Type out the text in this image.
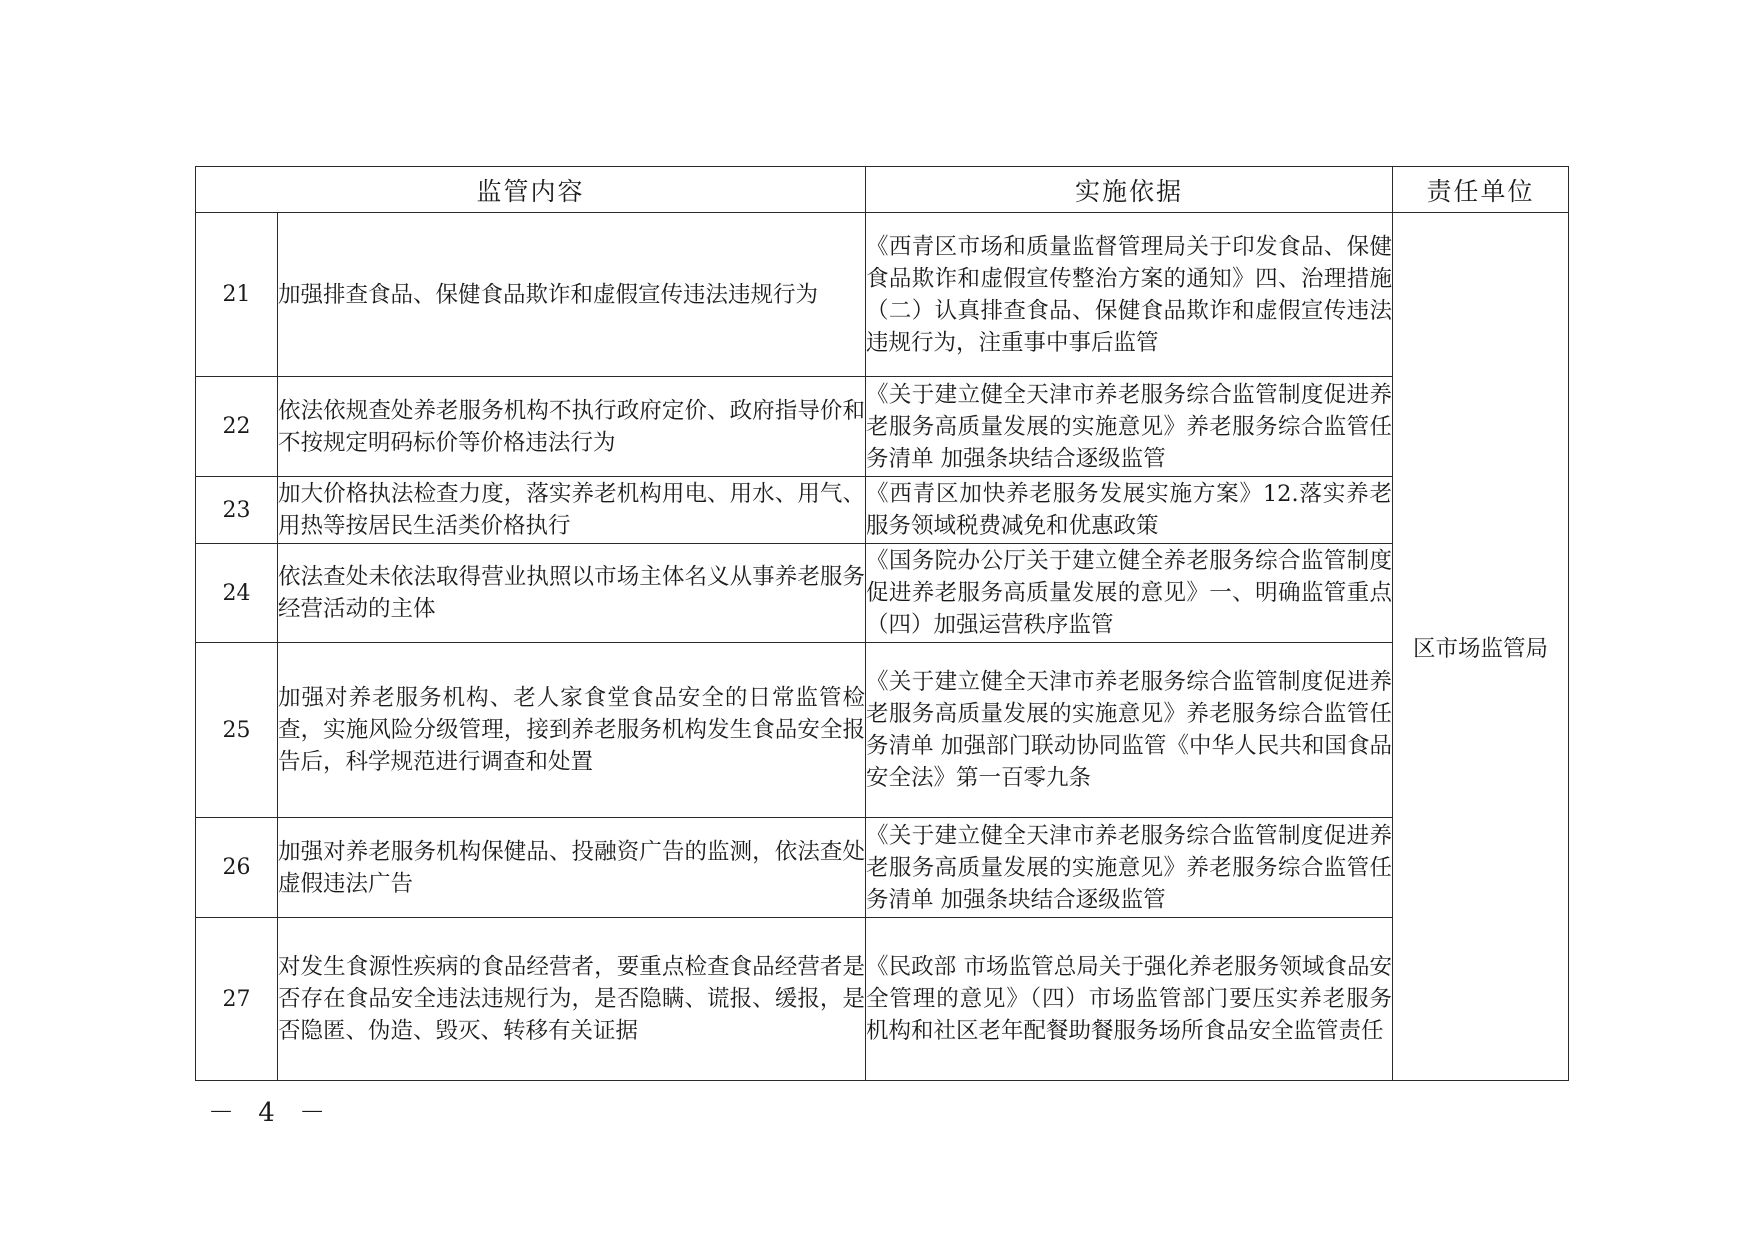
监管内容		实施依据	责任单位
21	加强排查食品、保健食品欺诈和虚假宣传违法违规行为	《西青区市场和质量监督管理局关于印发食品、保健食品欺诈和虚假宣传整治方案的通知》四、治理措施（二）认真排查食品、保健食品欺诈和虚假宣传违法违规行为，注重事中事后监管	区市场监管局
22	依法依规查处养老服务机构不执行政府定价、政府指导价和不按规定明码标价等价格违法行为	《关于建立健全天津市养老服务综合监管制度促进养老服务高质量发展的实施意见》养老服务综合监管任务清单 加强条块结合逐级监管	
23	加大价格执法检查力度，落实养老机构用电、用水、用气、用热等按居民生活类价格执行	《西青区加快养老服务发展实施方案》12.落实养老服务领域税费减免和优惠政策	
24	依法查处未依法取得营业执照以市场主体名义从事养老服务经营活动的主体	《国务院办公厅关于建立健全养老服务综合监管制度促进养老服务高质量发展的意见》一、明确监管重点（四）加强运营秩序监管	
25	加强对养老服务机构、老人家食堂食品安全的日常监管检查，实施风险分级管理，接到养老服务机构发生食品安全报告后，科学规范进行调查和处置	《关于建立健全天津市养老服务综合监管制度促进养老服务高质量发展的实施意见》养老服务综合监管任务清单 加强部门联动协同监管《中华人民共和国食品安全法》第一百零九条	
26	加强对养老服务机构保健品、投融资广告的监测，依法查处虚假违法广告	《关于建立健全天津市养老服务综合监管制度促进养老服务高质量发展的实施意见》养老服务综合监管任务清单 加强条块结合逐级监管	
27	对发生食源性疾病的食品经营者，要重点检查食品经营者是否存在食品安全违法违规行为，是否隐瞒、谎报、缓报，是否隐匿、伪造、毁灭、转移有关证据	《民政部 市场监管总局关于强化养老服务领域食品安全管理的意见》（四）市场监管部门要压实养老服务机构和社区老年配餐助餐服务场所食品安全监管责任	
－ 4 －
